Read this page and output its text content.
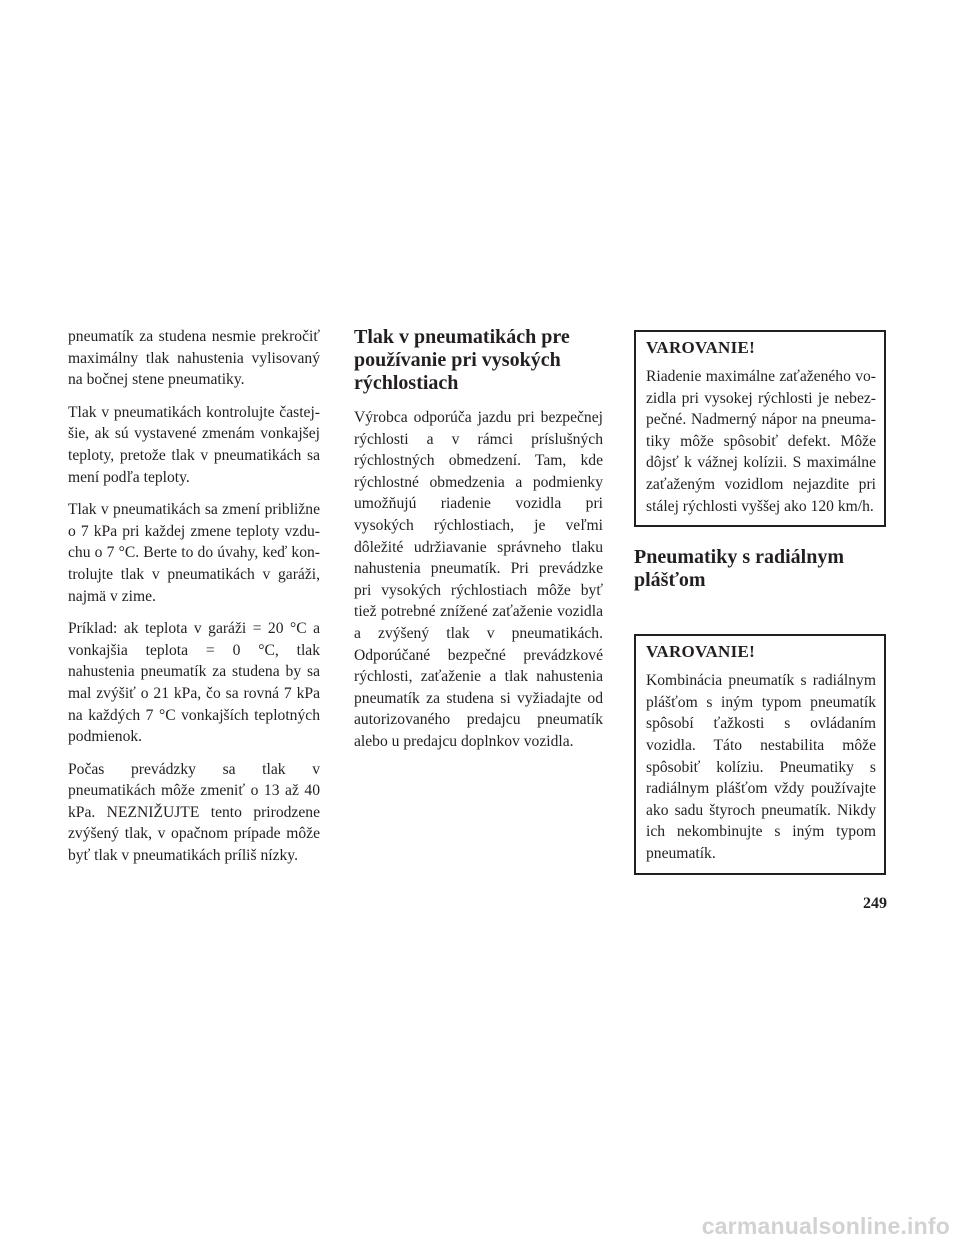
pneumatík za studena nesmie prekročiť maximálny tlak nahustenia vylisovaný na bočnej stene pneumatiky.

Tlak v pneumatikách kontrolujte častejšie, ak sú vystavené zmenám vonkajšej teploty, pretože tlak v pneumatikách sa mení podľa teploty.

Tlak v pneumatikách sa zmení približne o 7 kPa pri každej zmene teploty vzduchu o 7 °C. Berte to do úvahy, keď kontrolujte tlak v pneumatikách v garáži, najmä v zime.

Príklad: ak teplota v garáži = 20 °C a vonkajšia teplota = 0 °C, tlak nahustenia pneumatík za studena by sa mal zvýšiť o 21 kPa, čo sa rovná 7 kPa na každých 7 °C vonkajších teplotných podmienok.

Počas prevádzky sa tlak v pneumatikách môže zmeniť o 13 až 40 kPa. NEZNIŽUJTE tento prirodzene zvýšený tlak, v opačnom prípade môže byť tlak v pneumatikách príliš nízky.

Tlak v pneumatikách pre používanie pri vysokých rýchlostiach

Výrobca odporúča jazdu pri bezpečnej rýchlosti a v rámci príslušných rýchlostných obmedzení. Tam, kde rýchlostné obmedzenia a podmienky umožňujú riadenie vozidla pri vysokých rýchlostiach, je veľmi dôležité udržiavanie správneho tlaku nahustenia pneumatík. Pri prevádzke pri vysokých rýchlostiach môže byť tiež potrebné znížené zaťaženie vozidla a zvýšený tlak v pneumatikách. Odporúčané bezpečné prevádzkové rýchlosti, zaťaženie a tlak nahustenia pneumatík za studena si vyžiadajte od autorizovaného predajcu pneumatík alebo u predajcu doplnkov vozidla.

VAROVANIE!

Riadenie maximálne zaťaženého vozidla pri vysokej rýchlosti je nebezpečné. Nadmerný nápor na pneumatiky môže spôsobiť defekt. Môže dôjsť k vážnej kolízii. S maximálne zaťaženým vozidlom nejazdite pri stálej rýchlosti vyššej ako 120 km/h.

Pneumatiky s radiálnym plášťom
VAROVANIE!

Kombinácia pneumatík s radiálnym plášťom s iným typom pneumatík spôsobí ťažkosti s ovládaním vozidla. Táto nestabilita môže spôsobiť kolíziu. Pneumatiky s radiálnym plášťom vždy používajte ako sadu štyroch pneumatík. Nikdy ich nekombinujte s iným typom pneumatík.

249
carmanualsonline.info
